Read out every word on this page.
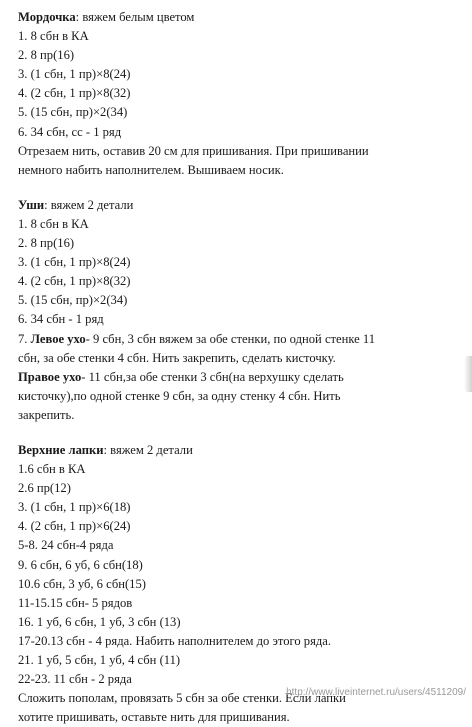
Мордочка: вяжем белым цветом
1. 8 сбн в КА
2. 8 пр(16)
3. (1 сбн, 1 пр)×8(24)
4. (2 сбн, 1 пр)×8(32)
5. (15 сбн, пр)×2(34)
6. 34 сбн, сс - 1 ряд
Отрезаем нить, оставив 20 см для пришивания. При пришивании
немного набить наполнителем. Вышиваем носик.
Уши: вяжем 2 детали
1. 8 сбн в КА
2. 8 пр(16)
3. (1 сбн, 1 пр)×8(24)
4. (2 сбн, 1 пр)×8(32)
5. (15 сбн, пр)×2(34)
6. 34 сбн - 1 ряд
7. Левое ухо- 9 сбн, 3 сбн вяжем за обе стенки, по одной стенке 11
сбн, за обе стенки 4 сбн. Нить закрепить, сделать кисточку.
Правое ухо- 11 сбн,за обе стенки 3 сбн(на верхушку сделать
кисточку),по одной стенке 9 сбн, за одну стенку 4 сбн. Нить
закрепить.
Верхние лапки: вяжем 2 детали
1.6 сбн в КА
2.6 пр(12)
3. (1 сбн, 1 пр)×6(18)
4. (2 сбн, 1 пр)×6(24)
5-8. 24 сбн-4 ряда
9. 6 сбн, 6 уб, 6 сбн(18)
10.6 сбн, 3 уб, 6 сбн(15)
11-15.15 сбн- 5 рядов
16. 1 уб, 6 сбн, 1 уб, 3 сбн (13)
17-20.13 сбн - 4 ряда. Набить наполнителем до этого ряда.
21. 1 уб, 5 сбн, 1 уб, 4 сбн (11)
22-23. 11 сбн - 2 ряда
Сложить пополам, провязать 5 сбн за обе стенки. Если лапки
хотите пришивать, оставьте нить для пришивания.
http://www.liveinternet.ru/users/4511209/
